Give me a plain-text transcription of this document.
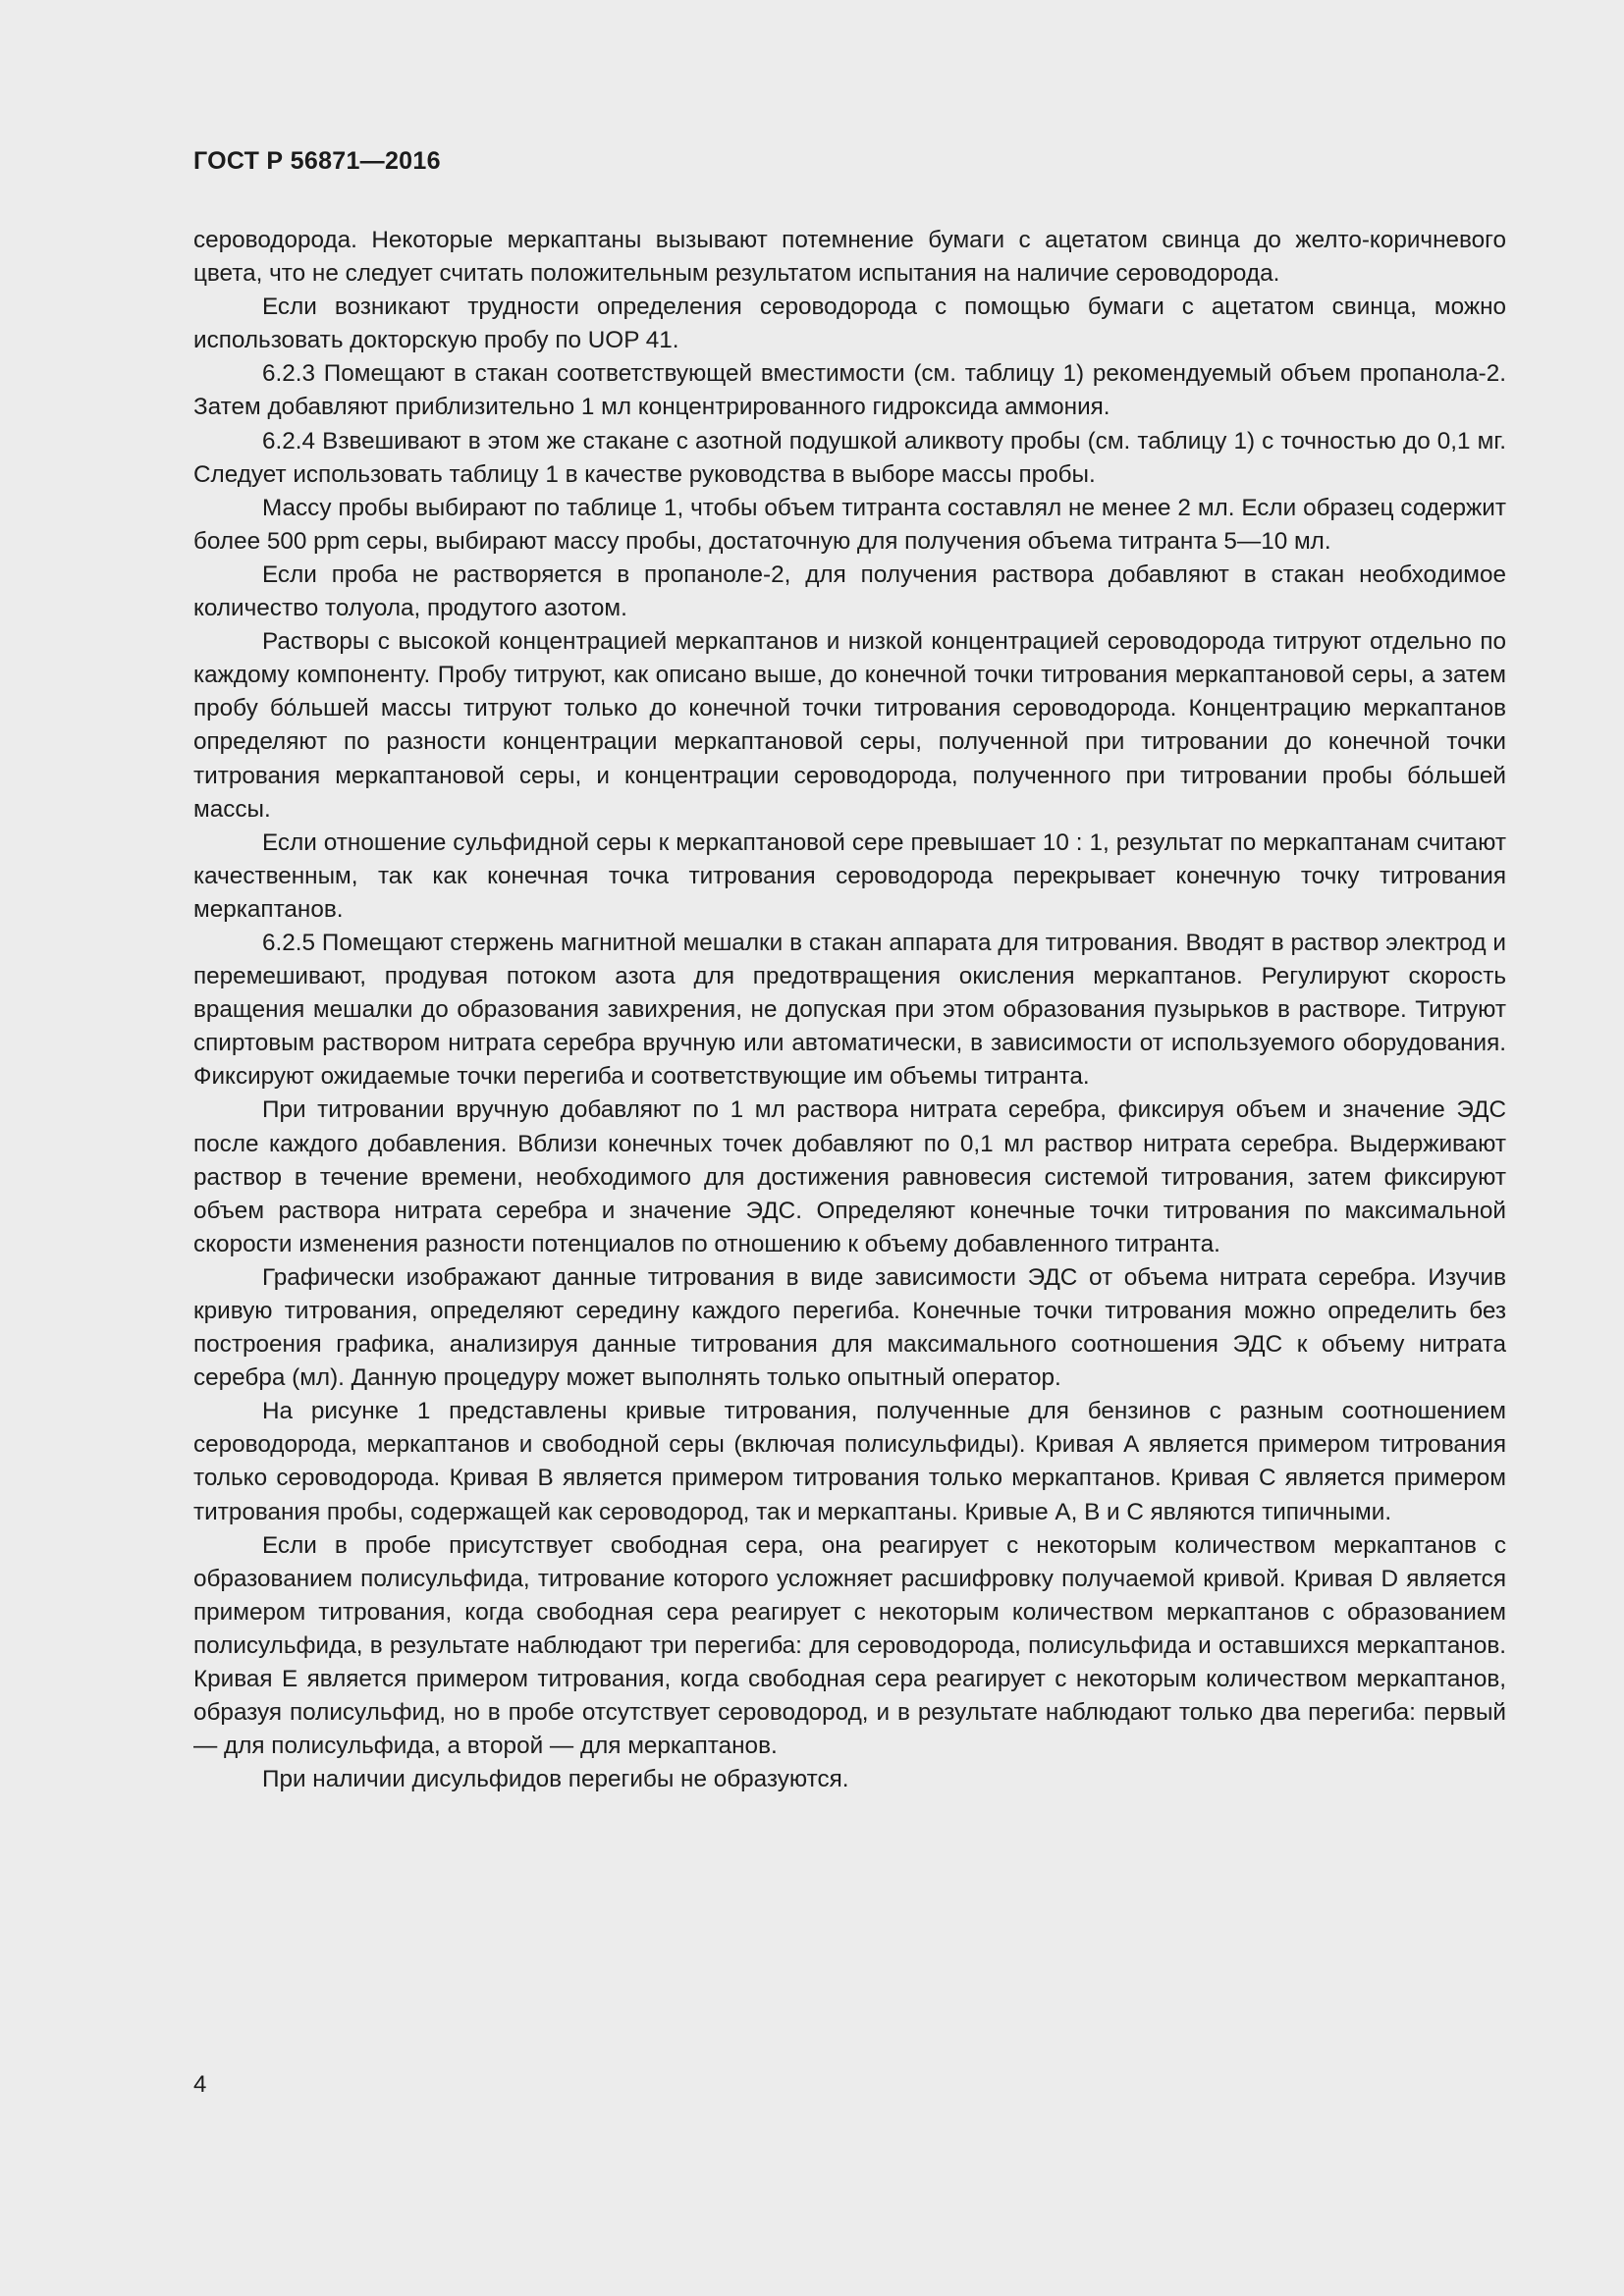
ГОСТ Р 56871—2016

сероводорода. Некоторые меркаптаны вызывают потемнение бумаги с ацетатом свинца до желто-коричневого цвета, что не следует считать положительным результатом испытания на наличие сероводорода.

Если возникают трудности определения сероводорода с помощью бумаги с ацетатом свинца, можно использовать докторскую пробу по UOP 41.

6.2.3 Помещают в стакан соответствующей вместимости (см. таблицу 1) рекомендуемый объем пропанола-2. Затем добавляют приблизительно 1 мл концентрированного гидроксида аммония.

6.2.4 Взвешивают в этом же стакане с азотной подушкой аликвоту пробы (см. таблицу 1) с точностью до 0,1 мг. Следует использовать таблицу 1 в качестве руководства в выборе массы пробы.

Массу пробы выбирают по таблице 1, чтобы объем титранта составлял не менее 2 мл. Если образец содержит более 500 ppm серы, выбирают массу пробы, достаточную для получения объема титранта 5—10 мл.

Если проба не растворяется в пропаноле-2, для получения раствора добавляют в стакан необходимое количество толуола, продутого азотом.

Растворы с высокой концентрацией меркаптанов и низкой концентрацией сероводорода титруют отдельно по каждому компоненту. Пробу титруют, как описано выше, до конечной точки титрования меркаптановой серы, а затем пробу бо́льшей массы титруют только до конечной точки титрования сероводорода. Концентрацию меркаптанов определяют по разности концентрации меркаптановой серы, полученной при титровании до конечной точки титрования меркаптановой серы, и концентрации сероводорода, полученного при титровании пробы бо́льшей массы.

Если отношение сульфидной серы к меркаптановой сере превышает 10 : 1, результат по меркаптанам считают качественным, так как конечная точка титрования сероводорода перекрывает конечную точку титрования меркаптанов.

6.2.5 Помещают стержень магнитной мешалки в стакан аппарата для титрования. Вводят в раствор электрод и перемешивают, продувая потоком азота для предотвращения окисления меркаптанов. Регулируют скорость вращения мешалки до образования завихрения, не допуская при этом образования пузырьков в растворе. Титруют спиртовым раствором нитрата серебра вручную или автоматически, в зависимости от используемого оборудования. Фиксируют ожидаемые точки перегиба и соответствующие им объемы титранта.

При титровании вручную добавляют по 1 мл раствора нитрата серебра, фиксируя объем и значение ЭДС после каждого добавления. Вблизи конечных точек добавляют по 0,1 мл раствор нитрата серебра. Выдерживают раствор в течение времени, необходимого для достижения равновесия системой титрования, затем фиксируют объем раствора нитрата серебра и значение ЭДС. Определяют конечные точки титрования по максимальной скорости изменения разности потенциалов по отношению к объему добавленного титранта.

Графически изображают данные титрования в виде зависимости ЭДС от объема нитрата серебра. Изучив кривую титрования, определяют середину каждого перегиба. Конечные точки титрования можно определить без построения графика, анализируя данные титрования для максимального соотношения ЭДС к объему нитрата серебра (мл). Данную процедуру может выполнять только опытный оператор.

На рисунке 1 представлены кривые титрования, полученные для бензинов с разным соотношением сероводорода, меркаптанов и свободной серы (включая полисульфиды). Кривая А является примером титрования только сероводорода. Кривая В является примером титрования только меркаптанов. Кривая С является примером титрования пробы, содержащей как сероводород, так и меркаптаны. Кривые А, В и С являются типичными.

Если в пробе присутствует свободная сера, она реагирует с некоторым количеством меркаптанов с образованием полисульфида, титрование которого усложняет расшифровку получаемой кривой. Кривая D является примером титрования, когда свободная сера реагирует с некоторым количеством меркаптанов с образованием полисульфида, в результате наблюдают три перегиба: для сероводорода, полисульфида и оставшихся меркаптанов. Кривая Е является примером титрования, когда свободная сера реагирует с некоторым количеством меркаптанов, образуя полисульфид, но в пробе отсутствует сероводород, и в результате наблюдают только два перегиба: первый — для полисульфида, а второй — для меркаптанов.

При наличии дисульфидов перегибы не образуются.

4
